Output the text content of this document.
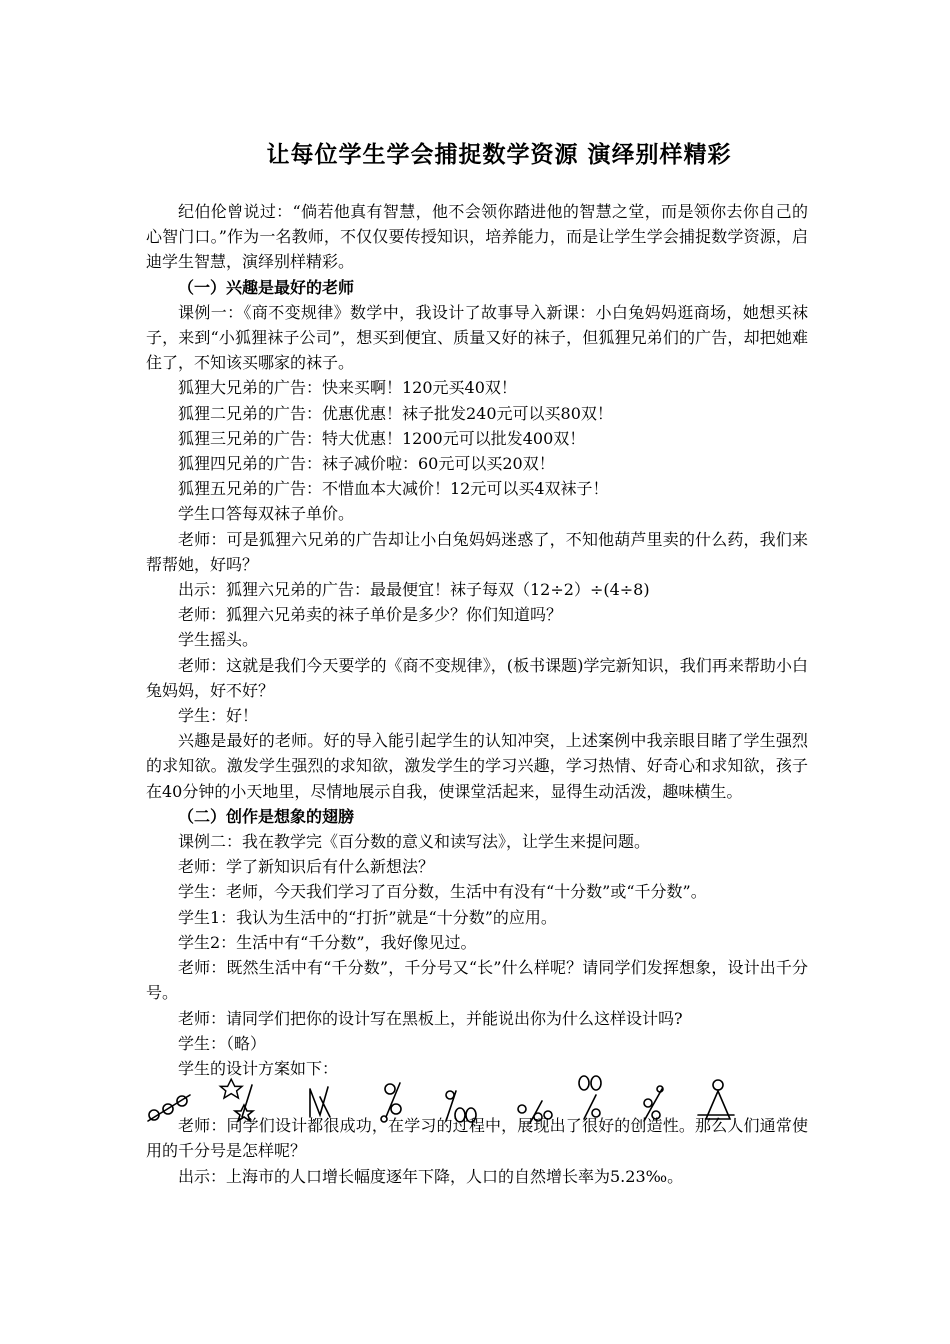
让每位学生学会捕捉数学资源 演绎别样精彩

纪伯伦曾说过：“倘若他真有智慧，他不会领你踏进他的智慧之堂，而是领你去你自己的心智门口。”作为一名教师，不仅仅要传授知识，培养能力，而是让学生学会捕捉数学资源，启迪学生智慧，演绎别样精彩。

（一）兴趣是最好的老师

课例一：《商不变规律》数学中，我设计了故事导入新课：小白兔妈妈逛商场，她想买袜子，来到“小狐狸袜子公司”，想买到便宜、质量又好的袜子，但狐狸兄弟们的广告，却把她难住了，不知该买哪家的袜子。

狐狸大兄弟的广告：快来买啊！120元买40双！

狐狸二兄弟的广告：优惠优惠！袜子批发240元可以买80双！

狐狸三兄弟的广告：特大优惠！1200元可以批发400双！

狐狸四兄弟的广告：袜子减价啦：60元可以买20双！

狐狸五兄弟的广告：不惜血本大减价！12元可以买4双袜子！

学生口答每双袜子单价。

老师：可是狐狸六兄弟的广告却让小白兔妈妈迷惑了，不知他葫芦里卖的什么药，我们来帮帮她，好吗？

出示：狐狸六兄弟的广告：最最便宜！袜子每双（12÷2）÷(4÷8)

老师：狐狸六兄弟卖的袜子单价是多少？你们知道吗？

学生摇头。

老师：这就是我们今天要学的《商不变规律》，(板书课题)学完新知识，我们再来帮助小白兔妈妈，好不好？

学生：好！

兴趣是最好的老师。好的导入能引起学生的认知冲突，上述案例中我亲眼目睹了学生强烈的求知欲。激发学生强烈的求知欲，激发学生的学习兴趣，学习热情、好奇心和求知欲，孩子在40分钟的小天地里，尽情地展示自我，使课堂活起来，显得生动活泼，趣味横生。

（二）创作是想象的翅膀

课例二：我在教学完《百分数的意义和读写法》，让学生来提问题。

老师：学了新知识后有什么新想法？

学生：老师，今天我们学习了百分数，生活中有没有“十分数”或“千分数”。

学生1：我认为生活中的“打折”就是“十分数”的应用。

学生2：生活中有“千分数”，我好像见过。

老师：既然生活中有“千分数”，千分号又“长”什么样呢？请同学们发挥想象，设计出千分号。

老师：请同学们把你的设计写在黑板上，并能说出你为什么这样设计吗?

学生：（略）

学生的设计方案如下：

老师：同学们设计都很成功，在学习的过程中，展现出了很好的创造性。那么人们通常使用的千分号是怎样呢？

出示：上海市的人口增长幅度逐年下降，人口的自然增长率为5.23‰。
